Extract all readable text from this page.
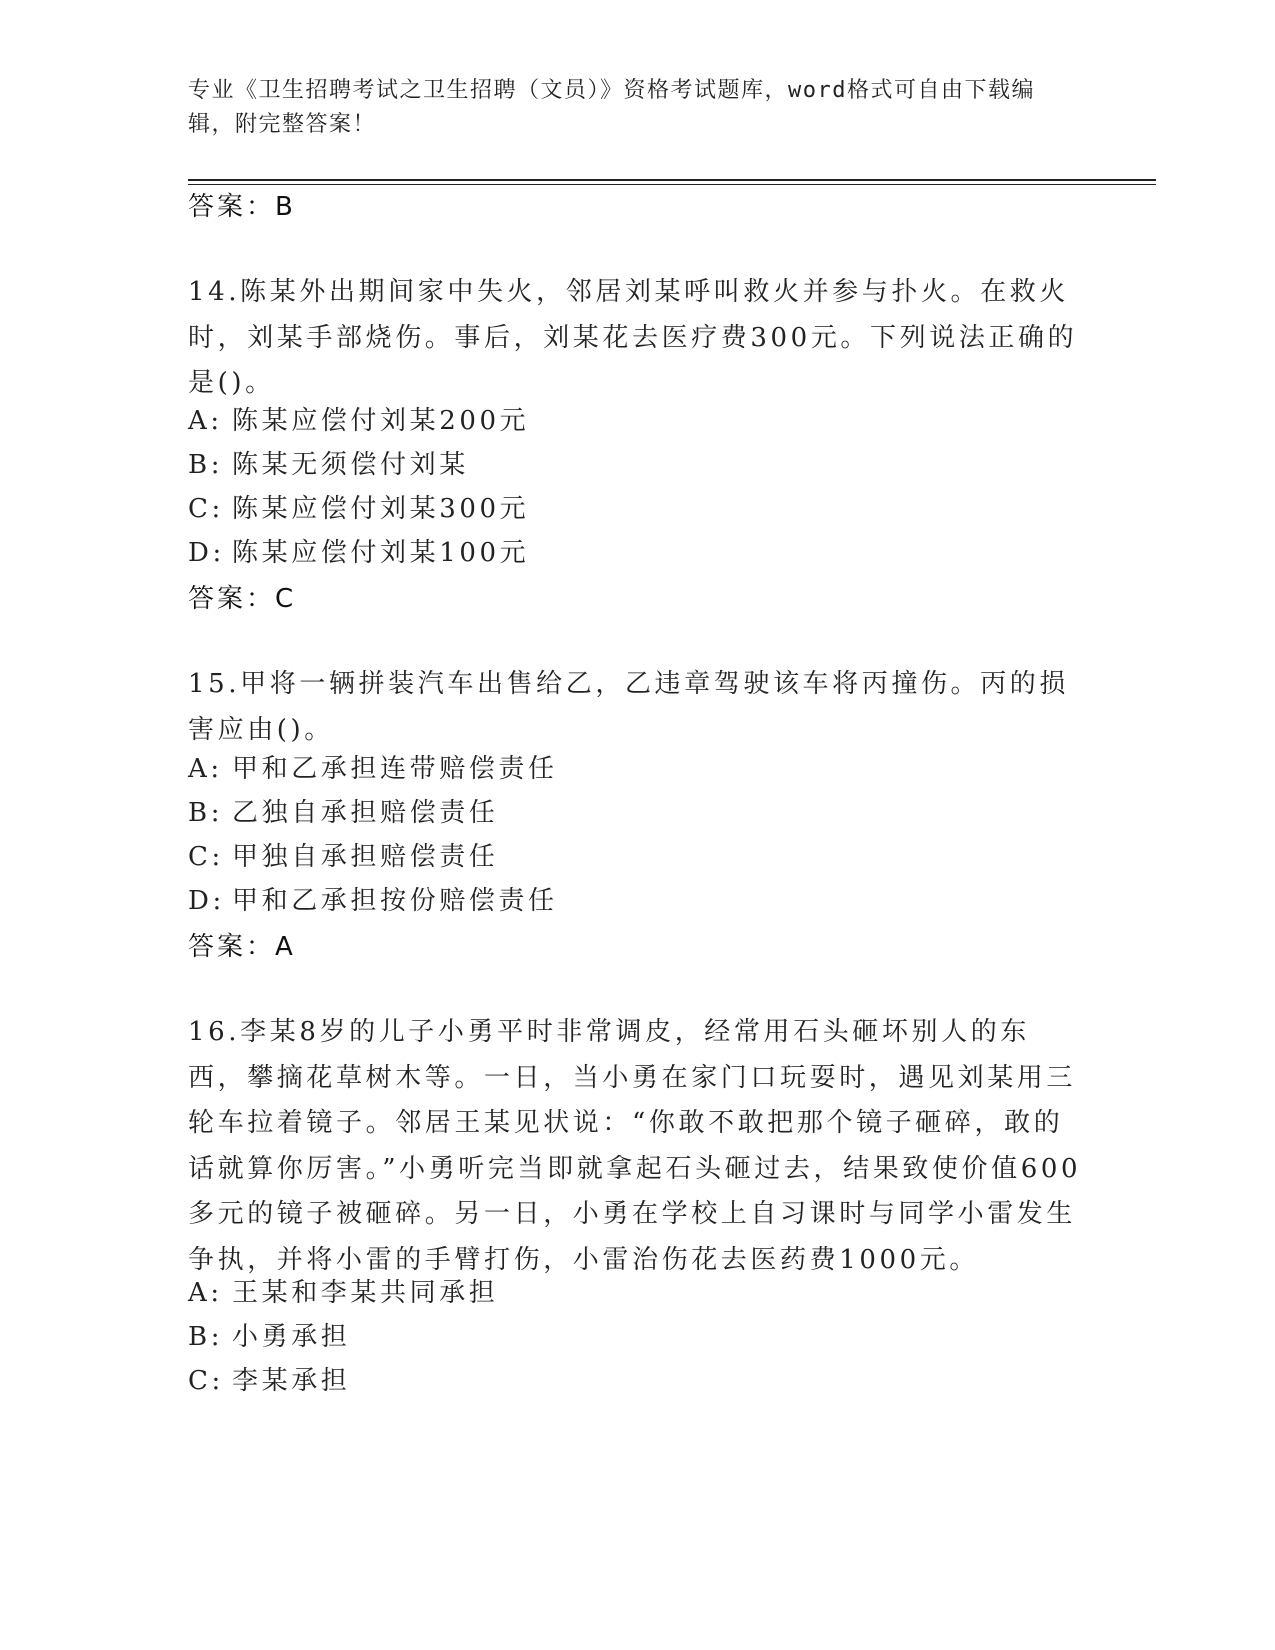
专业《卫生招聘考试之卫生招聘（文员）》资格考试题库，word格式可自由下载编辑，附完整答案！
答案：B
14.陈某外出期间家中失火，邻居刘某呼叫救火并参与扑火。在救火时，刘某手部烧伤。事后，刘某花去医疗费300元。下列说法正确的是()。
A: 陈某应偿付刘某200元
B: 陈某无须偿付刘某
C: 陈某应偿付刘某300元
D: 陈某应偿付刘某100元
答案：C
15.甲将一辆拼装汽车出售给乙，乙违章驾驶该车将丙撞伤。丙的损害应由()。
A: 甲和乙承担连带赔偿责任
B: 乙独自承担赔偿责任
C: 甲独自承担赔偿责任
D: 甲和乙承担按份赔偿责任
答案：A
16.李某8岁的儿子小勇平时非常调皮，经常用石头砸坏别人的东西，攀摘花草树木等。一日，当小勇在家门口玩耍时，遇见刘某用三轮车拉着镜子。邻居王某见状说：“你敢不敢把那个镜子砸碎，敢的话就算你厉害。”小勇听完当即就拿起石头砸过去，结果致使价值600多元的镜子被砸碎。另一日，小勇在学校上自习课时与同学小雷发生争执，并将小雷的手臂打伤，小雷治伤花去医药费1000元。
A: 王某和李某共同承担
B: 小勇承担
C: 李某承担
